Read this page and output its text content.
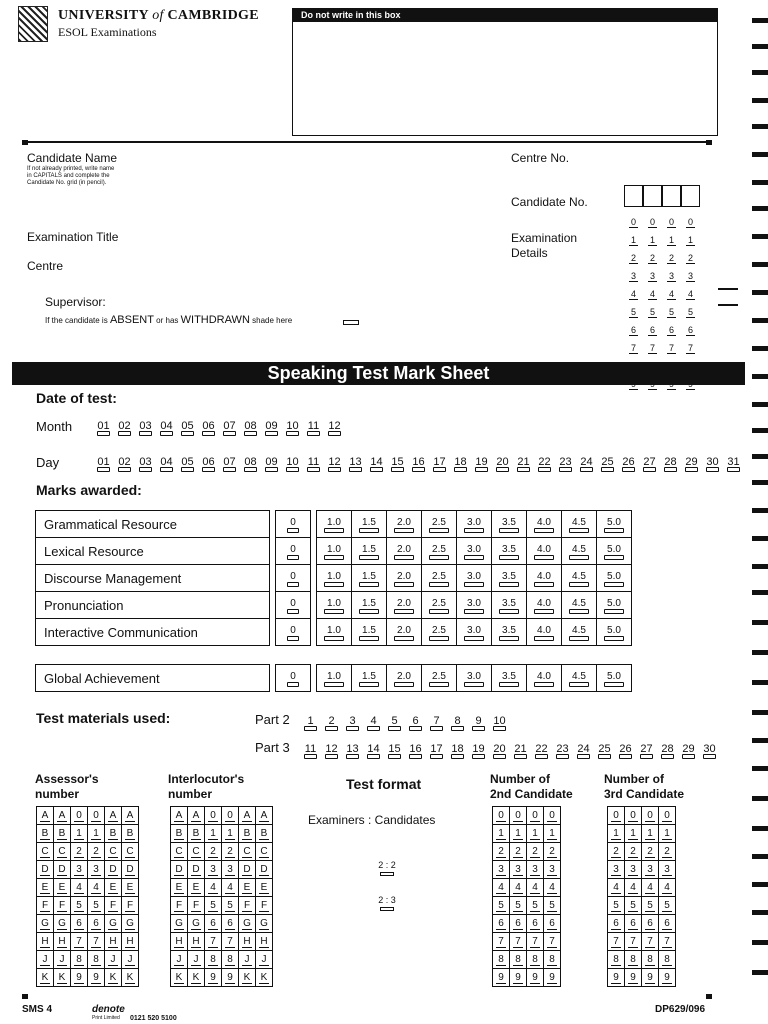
UNIVERSITY of CAMBRIDGE
ESOL Examinations
Do not write in this box
Candidate Name
If not already printed, write name
in CAPITALS and complete the
Candidate No. grid (in pencil).
Centre No.
Candidate No.
Examination Title	Examination
Details
Centre
Supervisor:
If the candidate is ABSENT or has WITHDRAWN shade here
0 0 0 0
1 1 1 1
2 2 2 2
3 3 3 3
4 4 4 4
5 5 5 5
6 6 6 6
7 7 7 7
Speaking Test Mark Sheet
Date of test:
Month	01 02 03 04 05 06 07 08 09 10 11 12
Day	01 02 03 04 05 06 07 08 09 10 11 12 13 14 15 16 17 18 19 20 21 22 23 24 25 26 27 28 29 30 31
Marks awarded:
Grammatical Resource		0		1.0	1.5	2.0	2.5	3.0	3.5	4.0	4.5	5.0
Lexical Resource		0		1.0	1.5	2.0	2.5	3.0	3.5	4.0	4.5	5.0
Discourse Management		0		1.0	1.5	2.0	2.5	3.0	3.5	4.0	4.5	5.0
Pronunciation		0		1.0	1.5	2.0	2.5	3.0	3.5	4.0	4.5	5.0
Interactive Communication		0		1.0	1.5	2.0	2.5	3.0	3.5	4.0	4.5	5.0
Global Achievement		0		1.0	1.5	2.0	2.5	3.0	3.5	4.0	4.5	5.0
Test materials used:	Part 2	1 2 3 4 5 6 7 8 9 10
Part 3	11 12 13 14 15 16 17 18 19 20 21 22 23 24 25 26 27 28 29 30
Assessor's
number
Interlocutor's
number
Test format
Examiners : Candidates
2 : 2
2 : 3
Number of
2nd Candidate
Number of
3rd Candidate
A	A	0	0	A	A
B	B	1	1	B	B
C	C	2	2	C	C
D	D	3	3	D	D
E	E	4	4	E	E
F	F	5	5	F	F
G	G	6	6	G	G
H	H	7	7	H	H
J	J	8	8	J	J
K	K	9	9	K	K
A	A	0	0	A	A
B	B	1	1	B	B
C	C	2	2	C	C
D	D	3	3	D	D
E	E	4	4	E	E
F	F	5	5	F	F
G	G	6	6	G	G
H	H	7	7	H	H
J	J	8	8	J	J
K	K	9	9	K	K
0	0	0	0
1	1	1	1
2	2	2	2
3	3	3	3
4	4	4	4
5	5	5	5
6	6	6	6
7	7	7	7
8	8	8	8
9	9	9	9
0	0	0	0
1	1	1	1
2	2	2	2
3	3	3	3
4	4	4	4
5	5	5	5
6	6	6	6
7	7	7	7
8	8	8	8
9	9	9	9
SMS 4	denote
Print Limited	0121 520 5100
DP629/096
